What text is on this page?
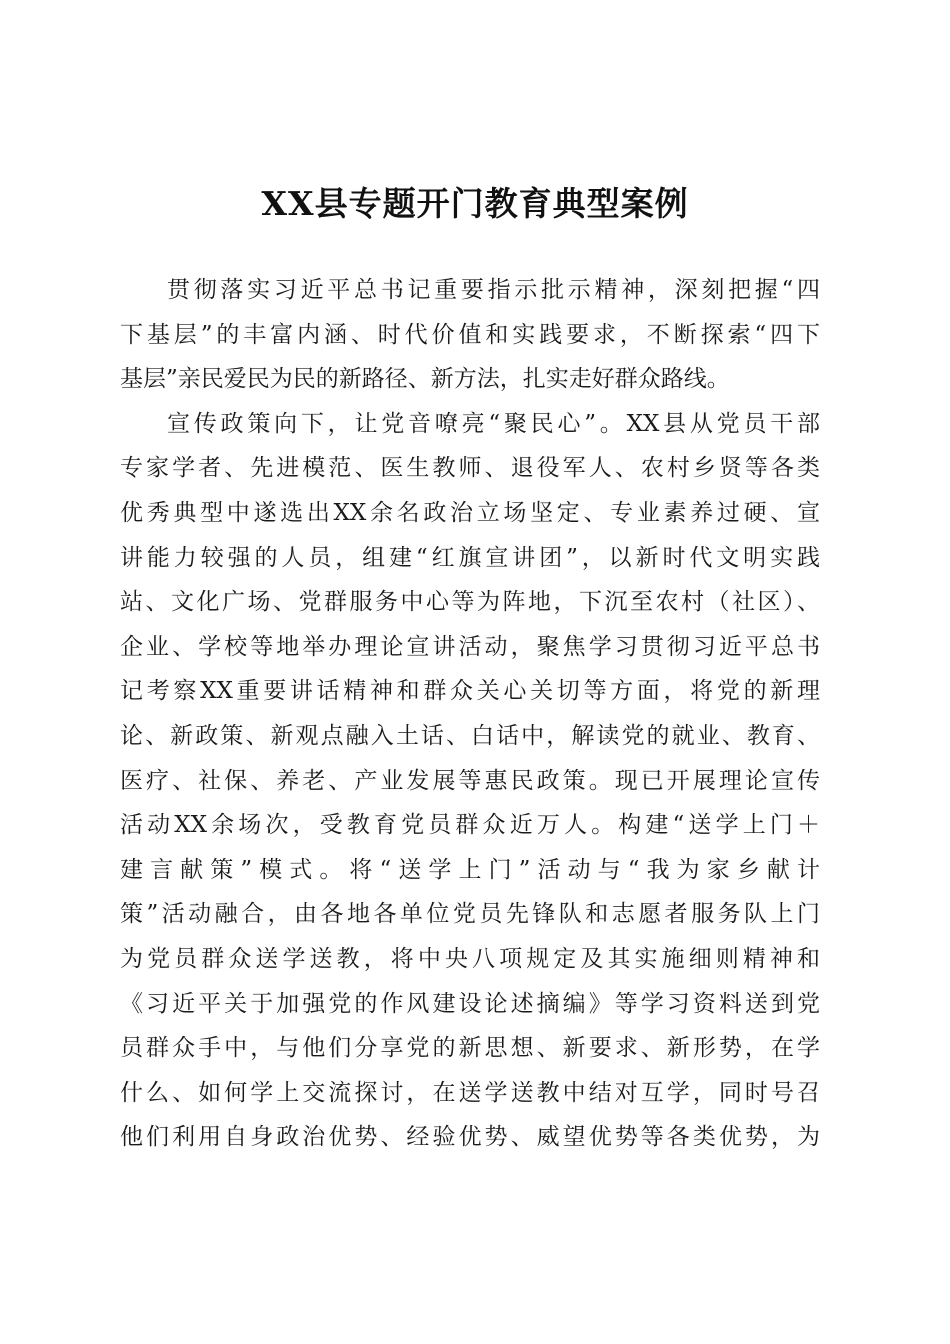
XX县专题开门教育典型案例
贯彻落实习近平总书记重要指示批示精神，深刻把握“四
下基层”的丰富内涵、时代价值和实践要求，不断探索“四下
基层”亲民爱民为民的新路径、新方法，扎实走好群众路线。
宣传政策向下，让党音嘹亮“聚民心”。XX县从党员干部
专家学者、先进模范、医生教师、退役军人、农村乡贤等各类
优秀典型中遂选出XX余名政治立场坚定、专业素养过硬、宣
讲能力较强的人员，组建“红旗宣讲团”，以新时代文明实践
站、文化广场、党群服务中心等为阵地，下沉至农村（社区）、
企业、学校等地举办理论宣讲活动，聚焦学习贯彻习近平总书
记考察XX重要讲话精神和群众关心关切等方面，将党的新理
论、新政策、新观点融入土话、白话中，解读党的就业、教育、
医疗、社保、养老、产业发展等惠民政策。现已开展理论宣传
活动XX余场次，受教育党员群众近万人。构建“送学上门＋
建言献策”模式。将“送学上门”活动与“我为家乡献计
策”活动融合，由各地各单位党员先锋队和志愿者服务队上门
为党员群众送学送教，将中央八项规定及其实施细则精神和
《习近平关于加强党的作风建设论述摘编》等学习资料送到党
员群众手中，与他们分享党的新思想、新要求、新形势，在学
什么、如何学上交流探讨，在送学送教中结对互学，同时号召
他们利用自身政治优势、经验优势、威望优势等各类优势，为
